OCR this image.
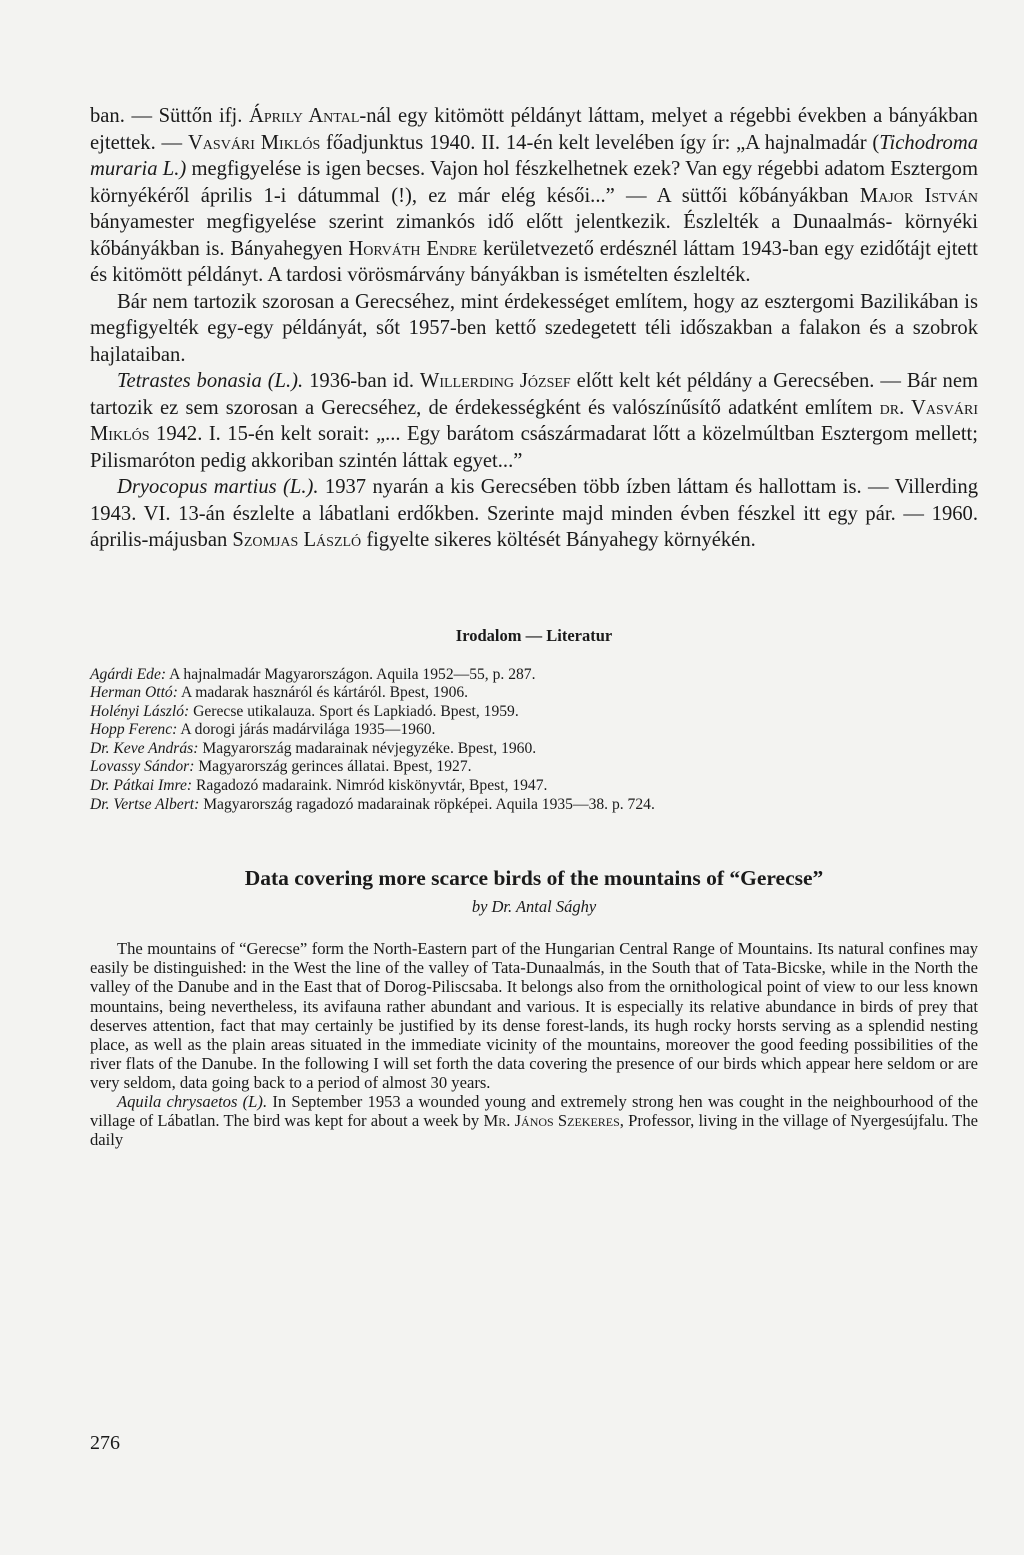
ban. — Süttőn ifj. Áprily Antal-nál egy kitömött példányt láttam, melyet a régebbi években a bányákban ejtettek. — Vasvári Miklós főadjunktus 1940. II. 14-én kelt levelében így ír: „A hajnalmadár (Tichodroma muraria L.) megfigyelése is igen becses. Vajon hol fészkelhetnek ezek? Van egy régebbi adatom Esztergom környékéről április 1-i dátummal (!), ez már elég késői...” — A süttői kőbányákban Major István bányamester megfigyelése szerint zimankós idő előtt jelentkezik. Észlelték a Dunaalmás- környéki kőbányákban is. Bányahegyen Horváth Endre kerületvezető erdésznél láttam 1943-ban egy ezidőtájt ejtett és kitömött példányt. A tardosi vörösmárvány bányákban is ismételten észlelték.

Bár nem tartozik szorosan a Gerecséhez, mint érdekességet említem, hogy az esztergomi Bazilikában is megfigyelték egy-egy példányát, sőt 1957-ben kettő szedegetett téli időszakban a falakon és a szobrok hajlataiban.

Tetrastes bonasia (L.). 1936-ban id. Willerding József előtt kelt két példány a Gerecsében. — Bár nem tartozik ez sem szorosan a Gerecséhez, de érdekességként és valószínűsítő adatként említem dr. Vasvári Miklós 1942. I. 15-én kelt sorait: „... Egy barátom császármadarat lőtt a közelmúltban Esztergom mellett; Pilismaróton pedig akkoriban szintén láttak egyet...”

Dryocopus martius (L.). 1937 nyarán a kis Gerecsében több ízben láttam és hallottam is. — Villerding 1943. VI. 13-án észlelte a lábatlani erdőkben. Szerinte majd minden évben fészkel itt egy pár. — 1960. április-májusban Szomjas László figyelte sikeres költését Bányahegy környékén.

Irodalom — Literatur
Agárdi Ede: A hajnalmadár Magyarországon. Aquila 1952—55, p. 287.
Herman Ottó: A madarak hasznáról és kártáról. Bpest, 1906.
Holényi László: Gerecse utikalauza. Sport és Lapkiadó. Bpest, 1959.
Hopp Ferenc: A dorogi járás madárvilága 1935—1960.
Dr. Keve András: Magyarország madarainak névjegyzéke. Bpest, 1960.
Lovassy Sándor: Magyarország gerinces állatai. Bpest, 1927.
Dr. Pátkai Imre: Ragadozó madaraink. Nimród kiskönyvtár, Bpest, 1947.
Dr. Vertse Albert: Magyarország ragadozó madarainak röpképei. Aquila 1935—38. p. 724.
Data covering more scarce birds of the mountains of “Gerecse”
by Dr. Antal Sághy

The mountains of “Gerecse” form the North-Eastern part of the Hungarian Central Range of Mountains. Its natural confines may easily be distinguished: in the West the line of the valley of Tata-Dunaalmás, in the South that of Tata-Bicske, while in the North the valley of the Danube and in the East that of Dorog-Piliscsaba. It belongs also from the ornithological point of view to our less known mountains, being nevertheless, its avifauna rather abundant and various. It is especially its relative abundance in birds of prey that deserves attention, fact that may certainly be justified by its dense forest-lands, its hugh rocky horsts serving as a splendid nesting place, as well as the plain areas situated in the immediate vicinity of the mountains, moreover the good feeding possibilities of the river flats of the Danube. In the following I will set forth the data covering the presence of our birds which appear here seldom or are very seldom, data going back to a period of almost 30 years.

Aquila chrysaetos (L). In September 1953 a wounded young and extremely strong hen was cought in the neighbourhood of the village of Lábatlan. The bird was kept for about a week by Mr. János Szekeres, Professor, living in the village of Nyergesújfalu. The daily

276
